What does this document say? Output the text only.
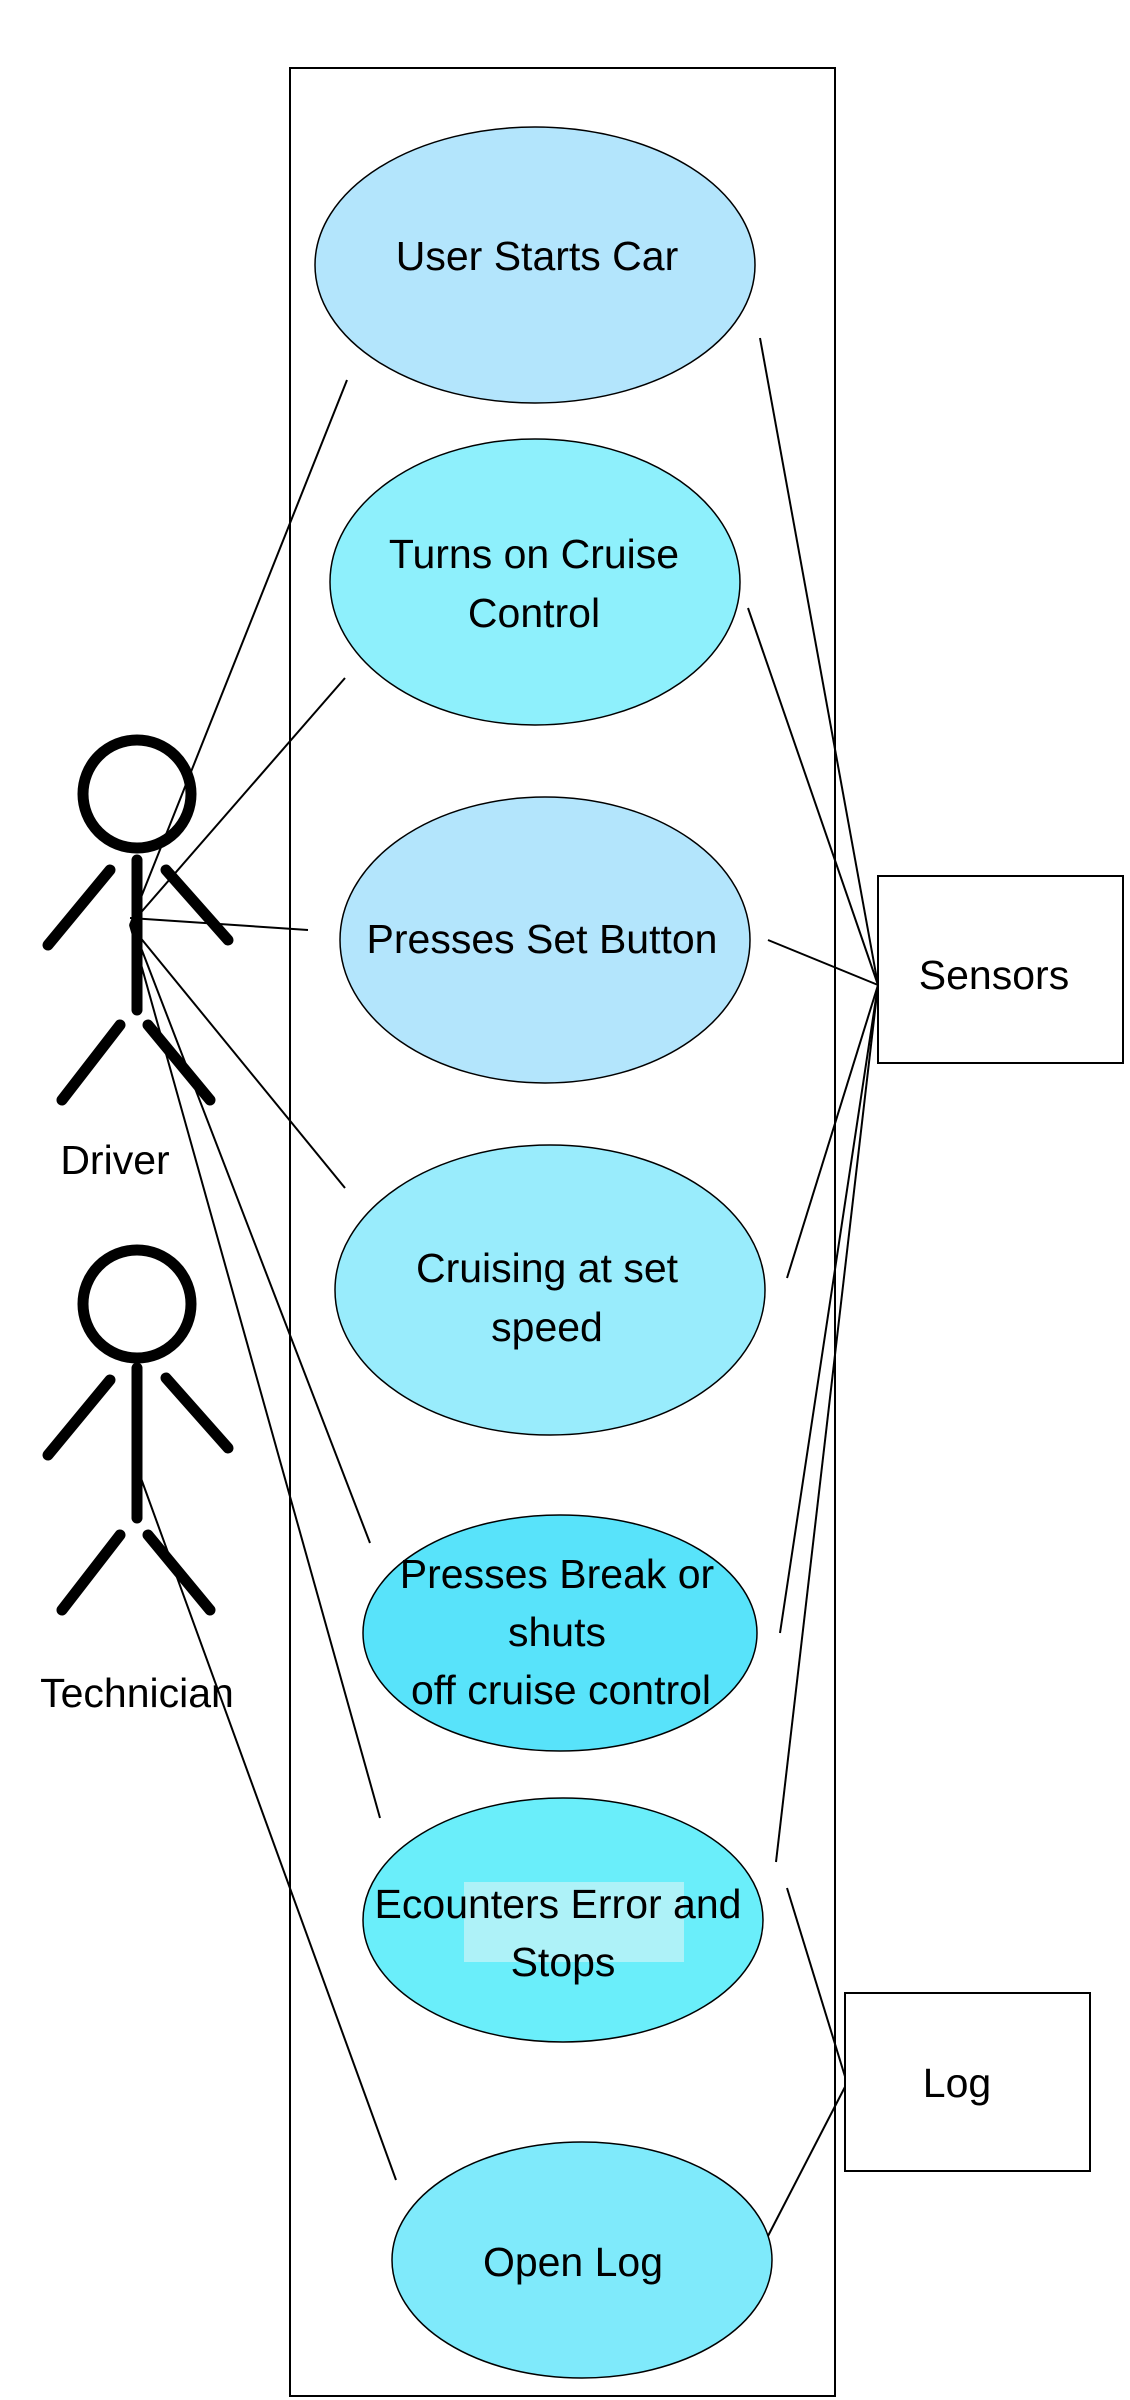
User Starts Car
Turns on Cruise
Control
Presses Set Button
Cruising at set
speed
Presses Break or
shuts
off cruise control
Ecounters Error and
Stops
Open Log
Sensors
Log
Driver
Technician
